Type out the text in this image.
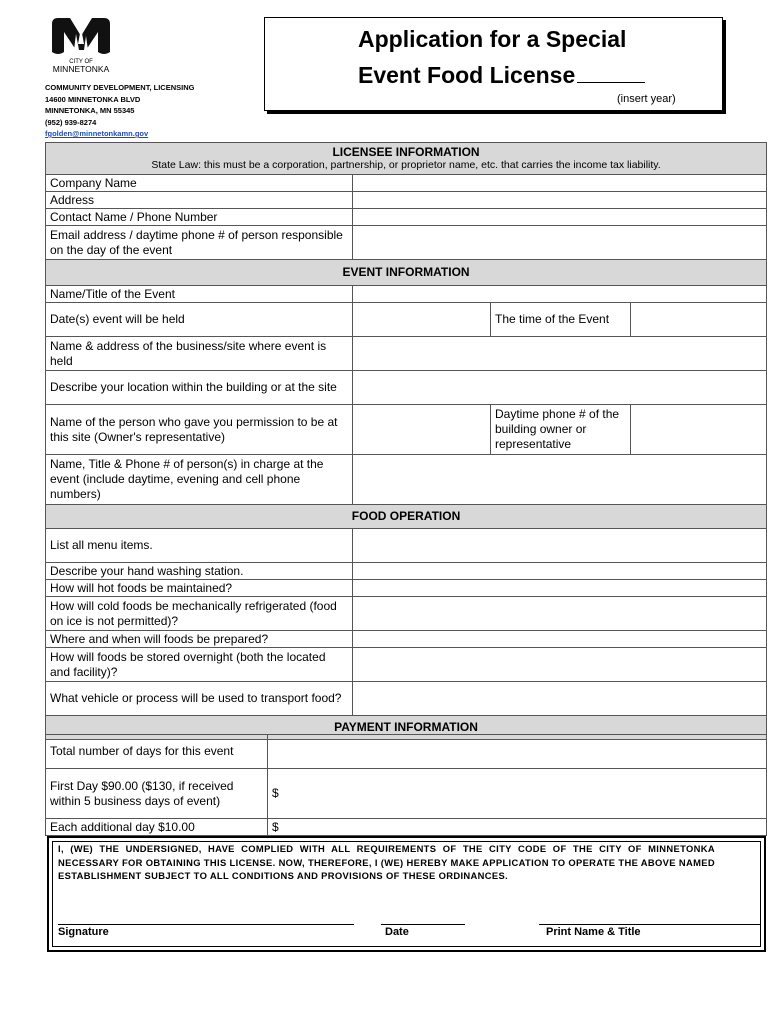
CITY OF
MINNETONKA
COMMUNITY DEVELOPMENT, LICENSING
14600 MINNETONKA BLVD
MINNETONKA, MN 55345
(952) 939-8274
fgolden@minnetonkamn.gov
Application for a Special
Event Food License
(insert year)
LICENSEE INFORMATION
State Law: this must be a corporation, partnership, or proprietor name, etc. that carries the income tax liability.			

Company Name			
Address			
Contact Name / Phone Number			
Email address / daytime phone # of person responsible on the day of the event			
EVENT INFORMATION			
Name/Title of the Event			
Date(s) event will be held		The time of the Event	
Name & address of the business/site where event is held			
Describe your location within the building or at the site			
Name of the person who gave you permission to be at this site (Owner's representative)		Daytime phone # of the building owner or representative	
Name, Title & Phone # of person(s) in charge at the event (include daytime, evening and cell phone numbers)			
FOOD OPERATION			
List all menu items.			
Describe your hand washing station.			
How will hot foods be maintained?			
How will cold foods be mechanically refrigerated (food on ice is not permitted)?			
Where and when will foods be prepared?			
How will foods be stored overnight (both the located and facility)?			
What vehicle or process will be used to transport food?			
PAYMENT INFORMATION			
Total number of days for this event	
First Day $90.00 ($130, if received within 5 business days of event)	$
Each additional day $10.00	$
I, (WE) THE UNDERSIGNED, HAVE COMPLIED WITH ALL REQUIREMENTS OF THE CITY CODE OF THE CITY OF MINNETONKA NECESSARY FOR OBTAINING THIS LICENSE. NOW, THEREFORE, I (WE) HEREBY MAKE APPLICATION TO OPERATE THE ABOVE NAMED ESTABLISHMENT SUBJECT TO ALL CONDITIONS AND PROVISIONS OF THESE ORDINANCES.
Signature	Date	Print Name & Title
